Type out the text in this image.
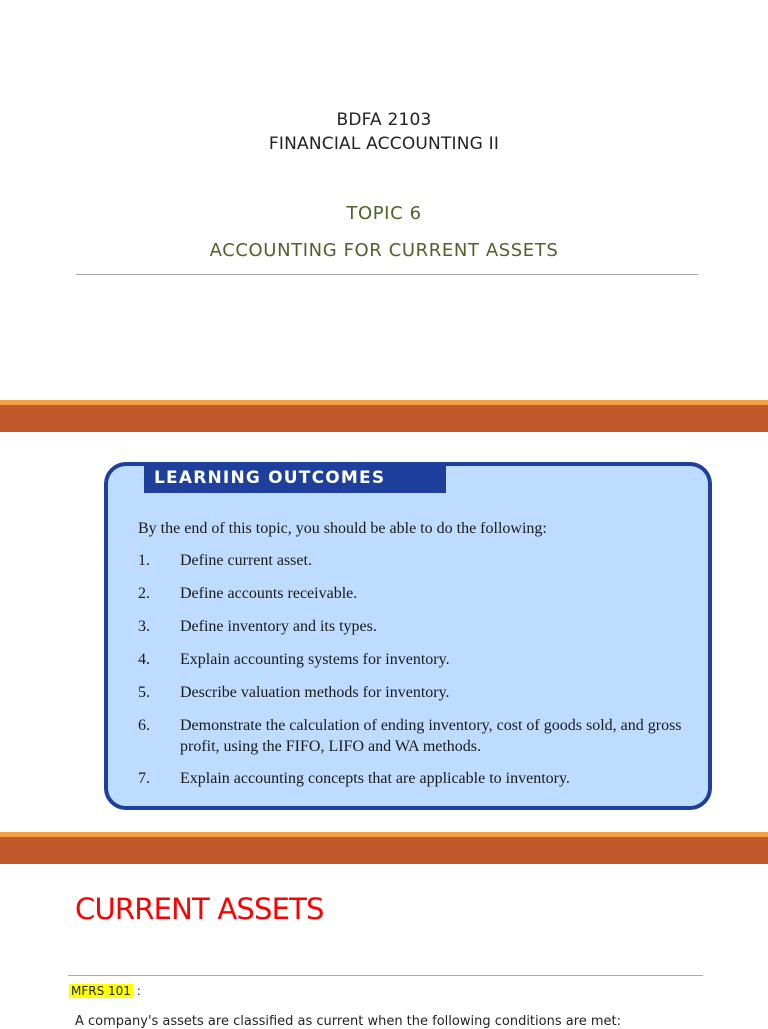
BDFA 2103
FINANCIAL ACCOUNTING II
TOPIC 6
ACCOUNTING FOR CURRENT ASSETS
LEARNING OUTCOMES
By the end of this topic, you should be able to do the following:
1.	Define current asset.
2.	Define accounts receivable.
3.	Define inventory and its types.
4.	Explain accounting systems for inventory.
5.	Describe valuation methods for inventory.
6.	Demonstrate the calculation of ending inventory, cost of goods sold, and gross profit, using the FIFO, LIFO and WA methods.
7.	Explain accounting concepts that are applicable to inventory.
CURRENT ASSETS
MFRS 101 :
A company's assets are classified as current when the following conditions are met:
